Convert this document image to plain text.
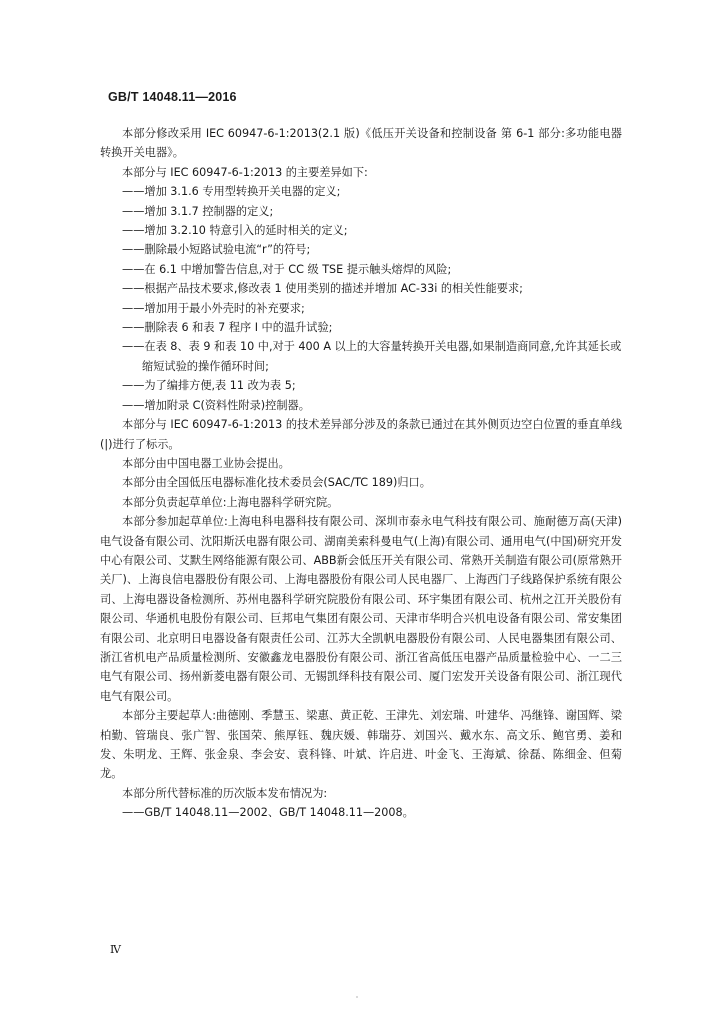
GB/T 14048.11—2016

本部分修改采用 IEC 60947-6-1:2013(2.1 版)《低压开关设备和控制设备 第 6-1 部分:多功能电器转换开关电器》。

本部分与 IEC 60947-6-1:2013 的主要差异如下:

——增加 3.1.6 专用型转换开关电器的定义;

——增加 3.1.7 控制器的定义;

——增加 3.2.10 特意引入的延时相关的定义;

——删除最小短路试验电流“r”的符号;

——在 6.1 中增加警告信息,对于 CC 级 TSE 提示触头熔焊的风险;

——根据产品技术要求,修改表 1 使用类别的描述并增加 AC-33i 的相关性能要求;

——增加用于最小外壳时的补充要求;

——删除表 6 和表 7 程序 I 中的温升试验;

——在表 8、表 9 和表 10 中,对于 400 A 以上的大容量转换开关电器,如果制造商同意,允许其延长或缩短试验的操作循环时间;

——为了编排方便,表 11 改为表 5;

——增加附录 C(资料性附录)控制器。

本部分与 IEC 60947-6-1:2013 的技术差异部分涉及的条款已通过在其外侧页边空白位置的垂直单线(|)进行了标示。

本部分由中国电器工业协会提出。

本部分由全国低压电器标准化技术委员会(SAC/TC 189)归口。

本部分负责起草单位:上海电器科学研究院。

本部分参加起草单位:上海电科电器科技有限公司、深圳市泰永电气科技有限公司、施耐德万高(天津)电气设备有限公司、沈阳斯沃电器有限公司、湖南美索科曼电气(上海)有限公司、通用电气(中国)研究开发中心有限公司、艾默生网络能源有限公司、ABB新会低压开关有限公司、常熟开关制造有限公司(原常熟开关厂)、上海良信电器股份有限公司、上海电器股份有限公司人民电器厂、上海西门子线路保护系统有限公司、上海电器设备检测所、苏州电器科学研究院股份有限公司、环宇集团有限公司、杭州之江开关股份有限公司、华通机电股份有限公司、巨邦电气集团有限公司、天津市华明合兴机电设备有限公司、常安集团有限公司、北京明日电器设备有限责任公司、江苏大全凯帆电器股份有限公司、人民电器集团有限公司、浙江省机电产品质量检测所、安徽鑫龙电器股份有限公司、浙江省高低压电器产品质量检验中心、一二三电气有限公司、扬州新菱电器有限公司、无锡凯绎科技有限公司、厦门宏发开关设备有限公司、浙江现代电气有限公司。

本部分主要起草人:曲德刚、季慧玉、梁惠、黄正乾、王津先、刘宏瑞、叶建华、冯继锋、谢国辉、梁柏勤、管瑞良、张广智、张国荣、熊厚钰、魏庆媛、韩瑞芬、刘国兴、戴水东、高文乐、鲍官勇、姜和发、朱明龙、王辉、张金泉、李会安、袁科锋、叶斌、许启进、叶金飞、王海斌、徐磊、陈细金、但菊龙。

本部分所代替标准的历次版本发布情况为:

——GB/T 14048.11—2002、GB/T 14048.11—2008。

Ⅳ
